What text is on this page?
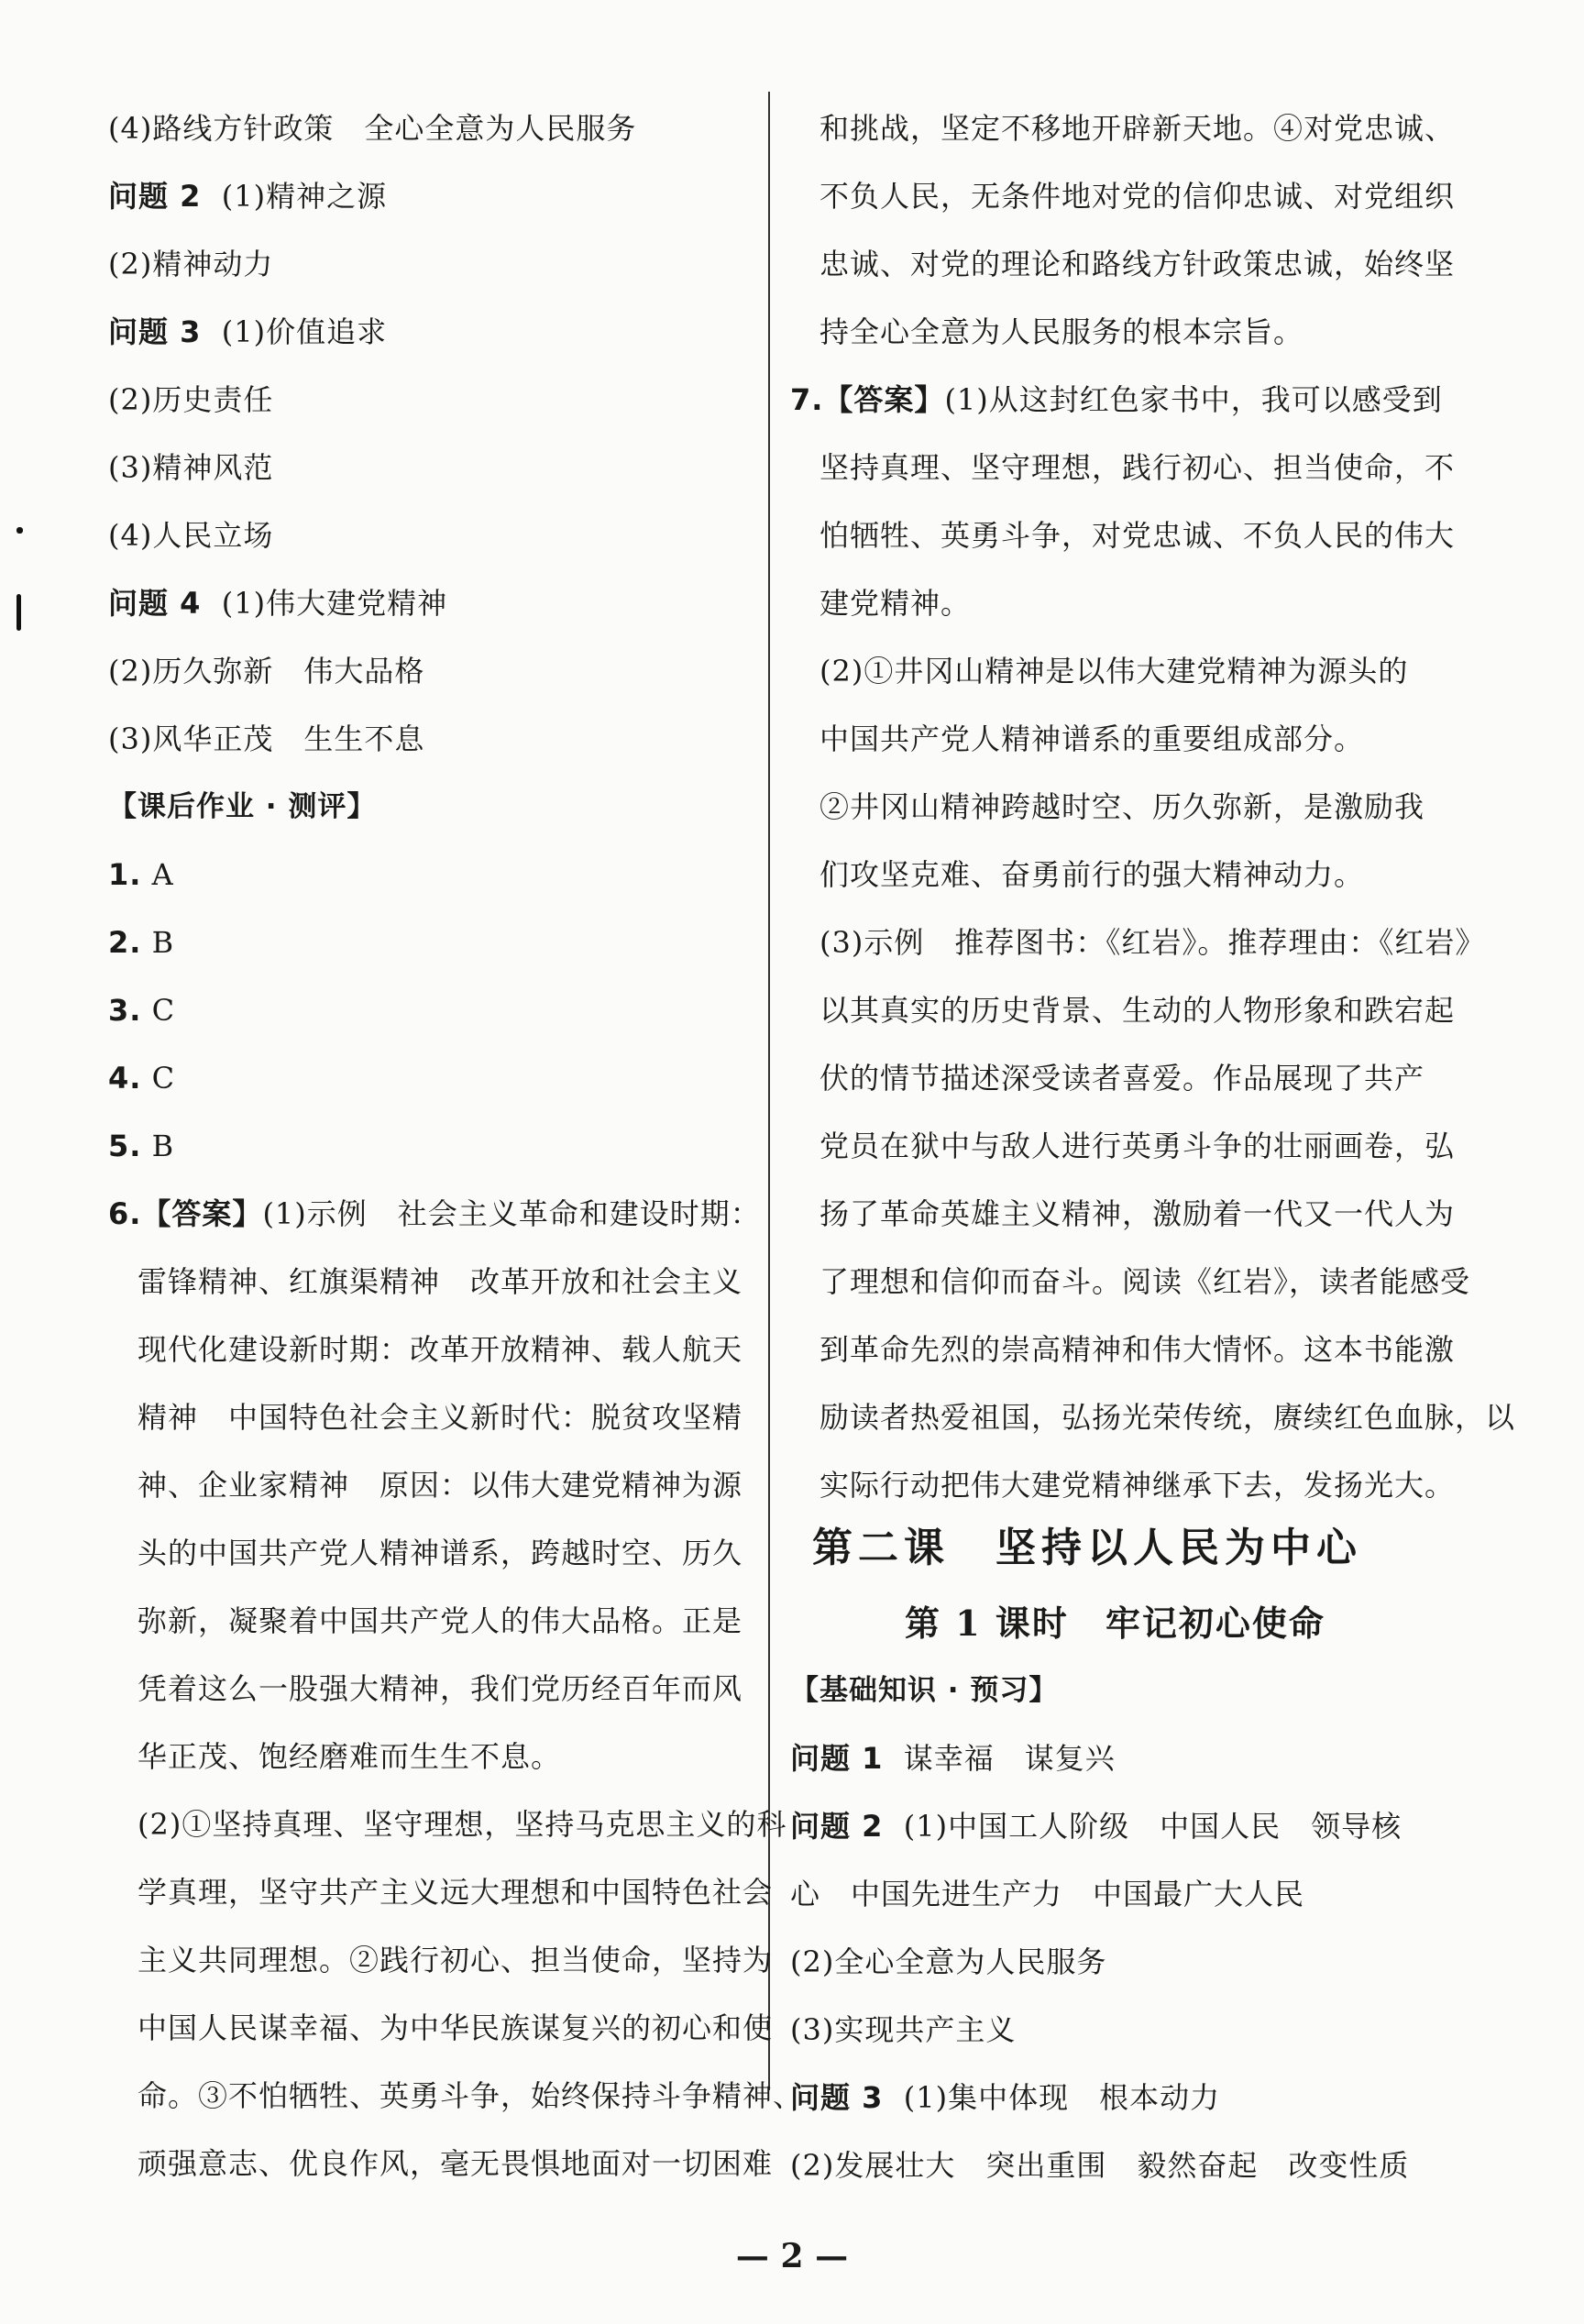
(4)路线方针政策　全心全意为人民服务
问题 2 (1)精神之源
(2)精神动力
问题 3 (1)价值追求
(2)历史责任
(3)精神风范
(4)人民立场
问题 4 (1)伟大建党精神
(2)历久弥新　伟大品格
(3)风华正茂　生生不息
【课后作业 · 测评】
1. A
2. B
3. C
4. C
5. B
6.【答案】(1)示例　社会主义革命和建设时期：
雷锋精神、红旗渠精神　改革开放和社会主义
现代化建设新时期：改革开放精神、载人航天
精神　中国特色社会主义新时代：脱贫攻坚精
神、企业家精神　原因：以伟大建党精神为源
头的中国共产党人精神谱系，跨越时空、历久
弥新，凝聚着中国共产党人的伟大品格。正是
凭着这么一股强大精神，我们党历经百年而风
华正茂、饱经磨难而生生不息。
(2)①坚持真理、坚守理想，坚持马克思主义的科
学真理，坚守共产主义远大理想和中国特色社会
主义共同理想。②践行初心、担当使命，坚持为
中国人民谋幸福、为中华民族谋复兴的初心和使
命。③不怕牺牲、英勇斗争，始终保持斗争精神、
顽强意志、优良作风，毫无畏惧地面对一切困难
和挑战，坚定不移地开辟新天地。④对党忠诚、
不负人民，无条件地对党的信仰忠诚、对党组织
忠诚、对党的理论和路线方针政策忠诚，始终坚
持全心全意为人民服务的根本宗旨。
7.【答案】(1)从这封红色家书中，我可以感受到
坚持真理、坚守理想，践行初心、担当使命，不
怕牺牲、英勇斗争，对党忠诚、不负人民的伟大
建党精神。
(2)①井冈山精神是以伟大建党精神为源头的
中国共产党人精神谱系的重要组成部分。
②井冈山精神跨越时空、历久弥新，是激励我
们攻坚克难、奋勇前行的强大精神动力。
(3)示例　推荐图书：《红岩》。推荐理由：《红岩》
以其真实的历史背景、生动的人物形象和跌宕起
伏的情节描述深受读者喜爱。作品展现了共产
党员在狱中与敌人进行英勇斗争的壮丽画卷，弘
扬了革命英雄主义精神，激励着一代又一代人为
了理想和信仰而奋斗。阅读《红岩》，读者能感受
到革命先烈的崇高精神和伟大情怀。这本书能激
励读者热爱祖国，弘扬光荣传统，赓续红色血脉，以
实际行动把伟大建党精神继承下去，发扬光大。
第二课　坚持以人民为中心
第 1 课时　牢记初心使命
【基础知识 · 预习】
问题 1 谋幸福　谋复兴
问题 2 (1)中国工人阶级　中国人民　领导核
心　中国先进生产力　中国最广大人民
(2)全心全意为人民服务
(3)实现共产主义
问题 3 (1)集中体现　根本动力
(2)发展壮大　突出重围　毅然奋起　改变性质
— 2 —
